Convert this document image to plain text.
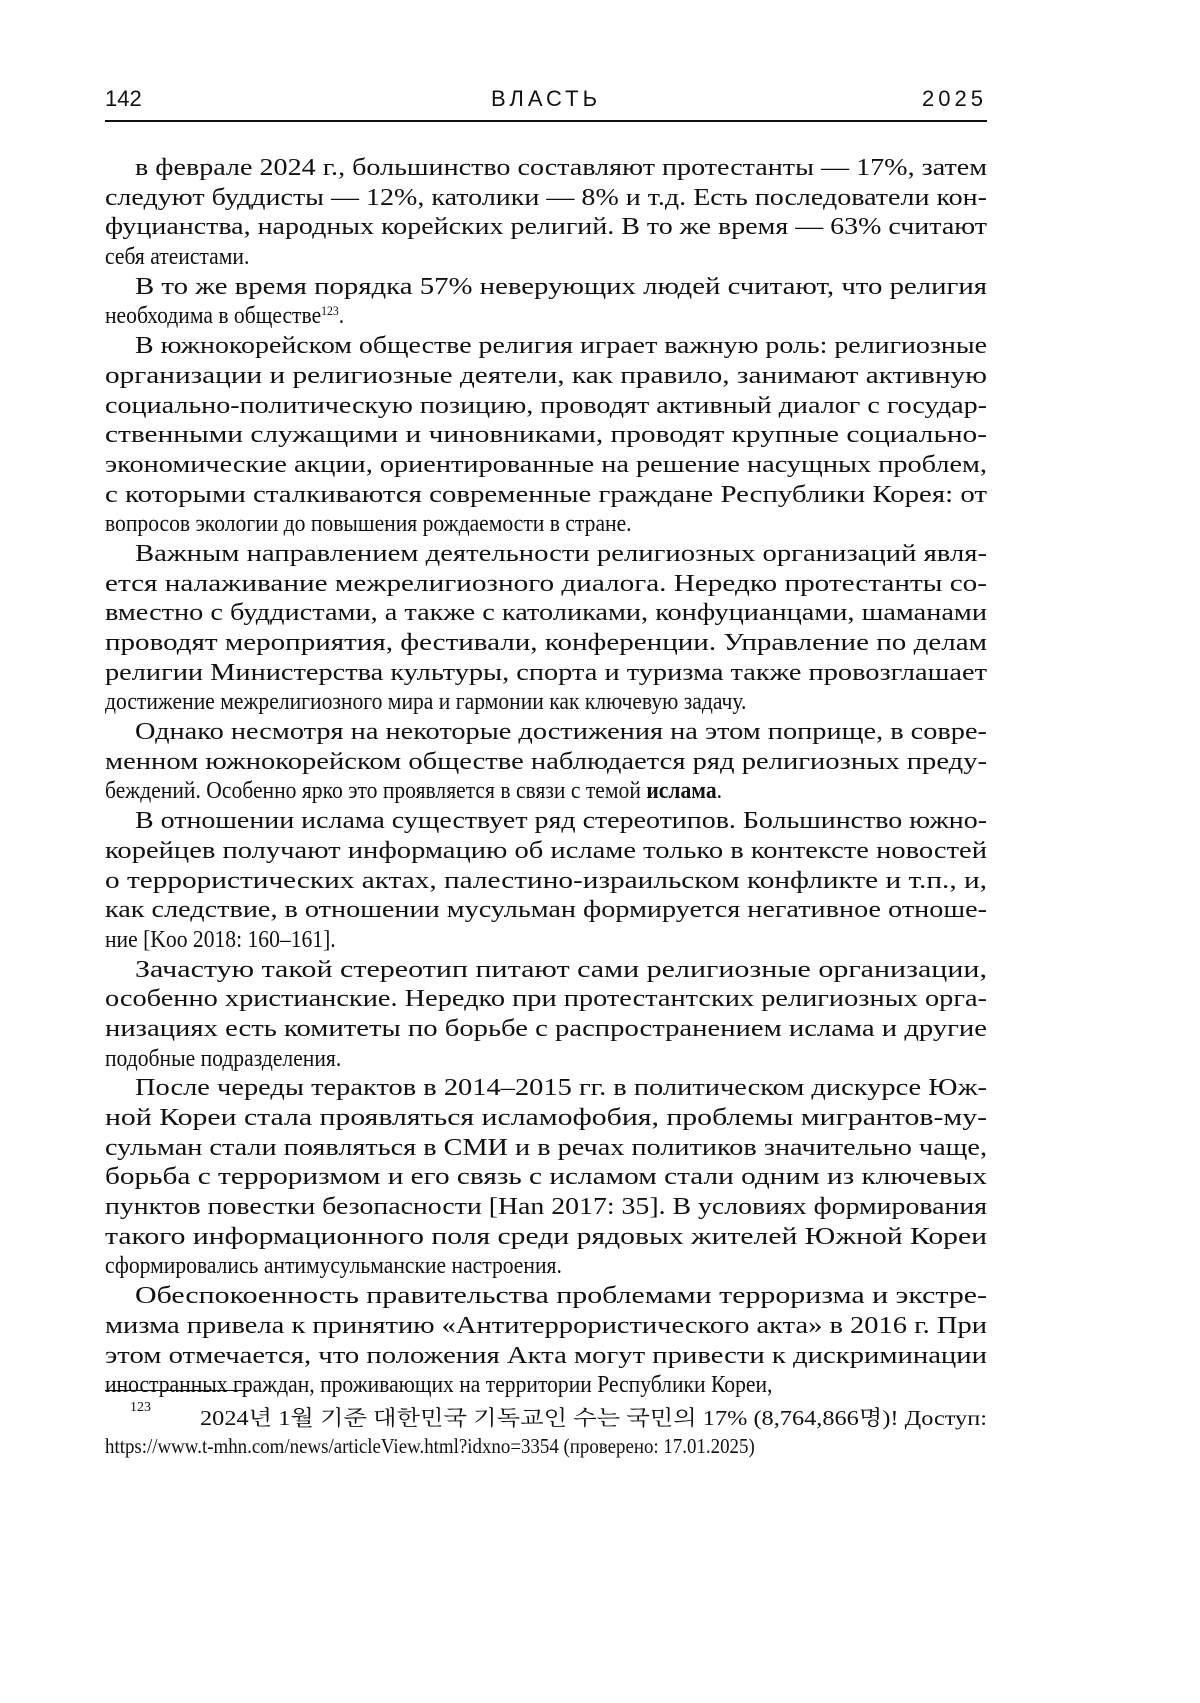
142	ВЛАСТЬ	2025
в феврале 2024 г., большинство составляют протестанты — 17%, затем
следуют буддисты — 12%, католики — 8% и т.д. Есть последователи кон-
фуцианства, народных корейских религий. В то же время — 63% считают
себя атеистами.
В то же время порядка 57% неверующих людей считают, что религия
необходима в обществе123.
В южнокорейском обществе религия играет важную роль: религиозные
организации и религиозные деятели, как правило, занимают активную
социально-политическую позицию, проводят активный диалог с государ-
ственными служащими и чиновниками, проводят крупные социально-
экономические акции, ориентированные на решение насущных проблем,
с которыми сталкиваются современные граждане Республики Корея: от
вопросов экологии до повышения рождаемости в стране.
Важным направлением деятельности религиозных организаций явля-
ется налаживание межрелигиозного диалога. Нередко протестанты со-
вместно с буддистами, а также с католиками, конфуцианцами, шаманами
проводят мероприятия, фестивали, конференции. Управление по делам
религии Министерства культуры, спорта и туризма также провозглашает
достижение межрелигиозного мира и гармонии как ключевую задачу.
Однако несмотря на некоторые достижения на этом поприще, в совре-
менном южнокорейском обществе наблюдается ряд религиозных преду-
беждений. Особенно ярко это проявляется в связи с темой ислама.
В отношении ислама существует ряд стереотипов. Большинство южно-
корейцев получают информацию об исламе только в контексте новостей
о террористических актах, палестино-израильском конфликте и т.п., и,
как следствие, в отношении мусульман формируется негативное отноше-
ние [Koo 2018: 160–161].
Зачастую такой стереотип питают сами религиозные организации,
особенно христианские. Нередко при протестантских религиозных орга-
низациях есть комитеты по борьбе с распространением ислама и другие
подобные подразделения.
После череды терактов в 2014–2015 гг. в политическом дискурсе Юж-
ной Кореи стала проявляться исламофобия, проблемы мигрантов-му-
сульман стали появляться в СМИ и в речах политиков значительно чаще,
борьба с терроризмом и его связь с исламом стали одним из ключевых
пунктов повестки безопасности [Han 2017: 35]. В условиях формирования
такого информационного поля среди рядовых жителей Южной Кореи
сформировались антимусульманские настроения.
Обеспокоенность правительства проблемами терроризма и экстре-
мизма привела к принятию «Антитеррористического акта» в 2016 г. При
этом отмечается, что положения Акта могут привести к дискриминации
иностранных граждан, проживающих на территории Республики Кореи,
123	2024년 1월 기준 대한민국 기독교인 수는 국민의 17% (8,764,866명)! Доступ:
https://www.t-mhn.com/news/articleView.html?idxno=3354 (проверено: 17.01.2025)
